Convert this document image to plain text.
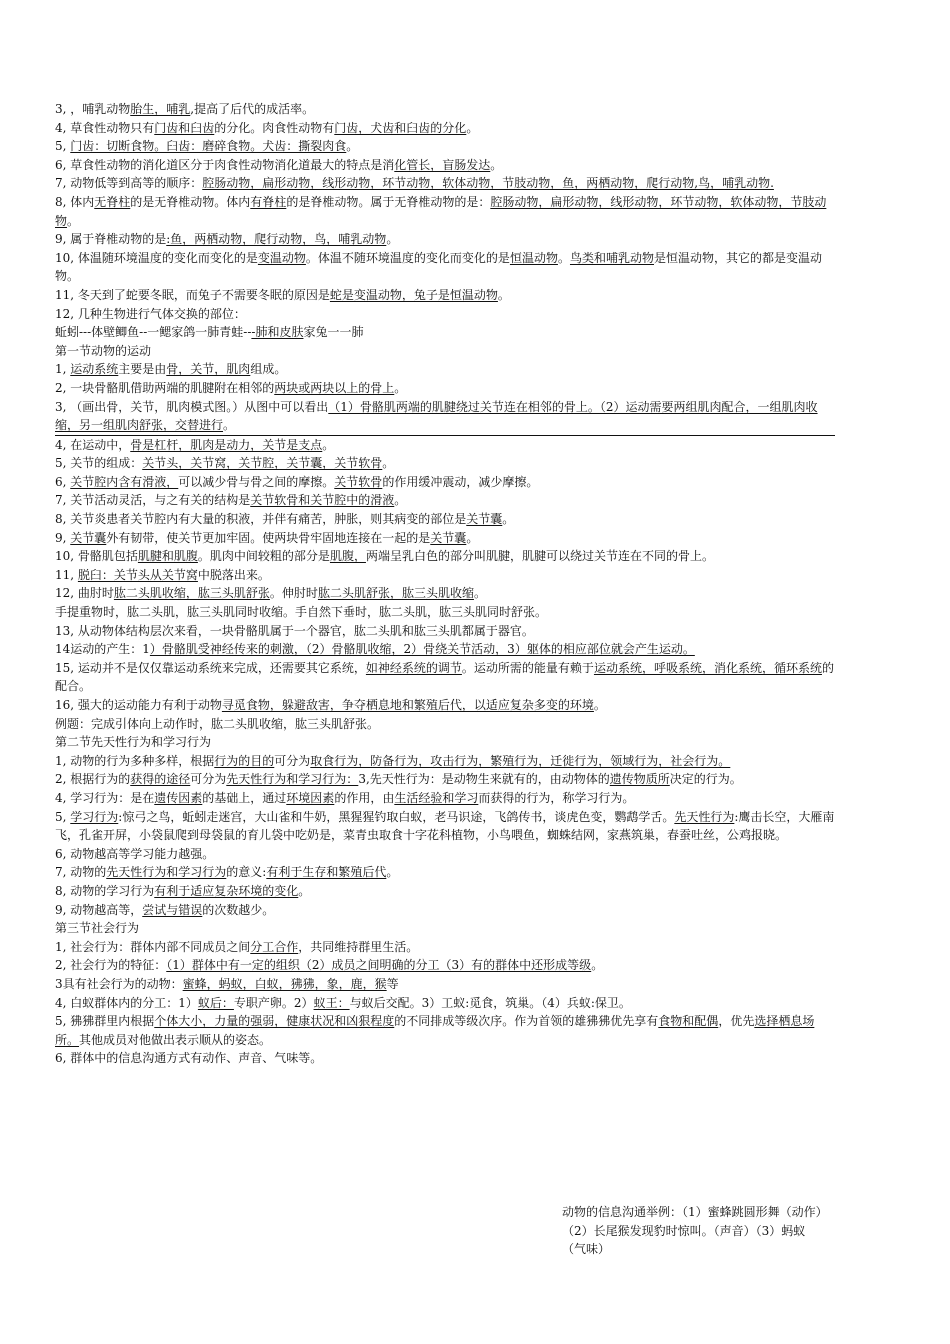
3, ，哺乳动物胎生，哺乳,提高了后代的成活率。
4, 草食性动物只有门齿和臼齿的分化。肉食性动物有门齿，犬齿和臼齿的分化。
5, 门齿：切断食物。臼齿：磨碎食物。犬齿：撕裂肉食。
6, 草食性动物的消化道区分于肉食性动物消化道最大的特点是消化管长，盲肠发达。
7, 动物低等到高等的顺序：腔肠动物，扁形动物，线形动物，环节动物，软体动物，节肢动物，鱼，两栖动物，爬行动物,鸟，哺乳动物.
8, 体内无脊柱的是无脊椎动物。体内有脊柱的是脊椎动物。属于无脊椎动物的是：腔肠动物，扁形动物，线形动物，环节动物，软体动物，节肢动物。
9, 属于脊椎动物的是:鱼，两栖动物，爬行动物，鸟，哺乳动物。
10, 体温随环境温度的变化而变化的是变温动物。体温不随环境温度的变化而变化的是恒温动物。鸟类和哺乳动物是恒温动物，其它的都是变温动物。
11, 冬天到了蛇要冬眠，而兔子不需要冬眠的原因是蛇是变温动物，兔子是恒温动物。
12, 几种生物进行气体交换的部位：
蚯蚓---体壁鲫鱼--一鳃家鸽一肺青蛙---肺和皮肤家兔一一肺
第一节动物的运动
1, 运动系统主要是由骨，关节，肌肉组成。
2, 一块骨骼肌借助两端的肌腱附在相邻的两块或两块以上的骨上。
3, （画出骨，关节，肌肉模式图。）从图中可以看出（1）骨骼肌两端的肌腱绕过关节连在相邻的骨上。（2）运动需要两组肌肉配合，一组肌肉收缩，另一组肌肉舒张，交替进行。
4, 在运动中，骨是杠杆，肌肉是动力，关节是支点。
5, 关节的组成：关节头，关节窝，关节腔，关节囊，关节软骨。
6, 关节腔内含有滑液，可以减少骨与骨之间的摩擦。关节软骨的作用缓冲震动，减少摩擦。
7, 关节活动灵活，与之有关的结构是关节软骨和关节腔中的滑液。
8, 关节炎患者关节腔内有大量的积液，并伴有痛苦，肿胀，则其病变的部位是关节囊。
9, 关节囊外有韧带，使关节更加牢固。使两块骨牢固地连接在一起的是关节囊。
10, 骨骼肌包括肌腱和肌腹。肌肉中间较粗的部分是肌腹，两端呈乳白色的部分叫肌腱，肌腱可以绕过关节连在不同的骨上。
11, 脱臼：关节头从关节窝中脱落出来。
12, 曲肘时肱二头肌收缩，肱三头肌舒张。伸肘时肱二头肌舒张，肱三头肌收缩。
手提重物时，肱二头肌，肱三头肌同时收缩。手自然下垂时，肱二头肌，肱三头肌同时舒张。
13, 从动物体结构层次来看，一块骨骼肌属于一个器官，肱二头肌和肱三头肌都属于器官。
14运动的产生：1）骨骼肌受神经传来的刺激，（2）骨骼肌收缩，2）骨绕关节活动，3）躯体的相应部位就会产生运动。
15, 运动并不是仅仅靠运动系统来完成，还需要其它系统，如神经系统的调节。运动所需的能量有赖于运动系统，呼吸系统，消化系统，循环系统的配合。
16, 强大的运动能力有利于动物寻觅食物，躲避敌害，争夺栖息地和繁殖后代，以适应复杂多变的环境。
例题：完成引体向上动作时，肱二头肌收缩，肱三头肌舒张。
第二节先天性行为和学习行为
1, 动物的行为多种多样，根据行为的目的可分为取食行为，防备行为，攻击行为，繁殖行为，迁徙行为，领域行为，社会行为。
2, 根据行为的获得的途径可分为先天性行为和学习行为：3,先天性行为：是动物生来就有的，由动物体的遗传物质所决定的行为。
4, 学习行为：是在遗传因素的基础上，通过环境因素的作用，由生活经验和学习而获得的行为，称学习行为。
5, 学习行为:惊弓之鸟，蚯蚓走迷宫，大山雀和牛奶，黑猩猩钓取白蚁，老马识途，飞鸽传书，谈虎色变，鹦鹉学舌。先天性行为:鹰击长空，大雁南飞，孔雀开屏，小袋鼠爬到母袋鼠的育儿袋中吃奶是，菜青虫取食十字花科植物，小鸟喂鱼，蜘蛛结网，家燕筑巢，春蚕吐丝，公鸡报晓。
6, 动物越高等学习能力越强。
7, 动物的先天性行为和学习行为的意义:有利于生存和繁殖后代。
8, 动物的学习行为有利于适应复杂环境的变化。
9, 动物越高等，尝试与错误的次数越少。
第三节社会行为
1, 社会行为：群体内部不同成员之间分工合作，共同维持群里生活。
2, 社会行为的特征：（1）群体中有一定的组织（2）成员之间明确的分工（3）有的群体中还形成等级。
3具有社会行为的动物：蜜蜂，蚂蚁，白蚁，狒狒，象，鹿，猴等
4, 白蚁群体内的分工：1）蚁后：专职产卵。2）蚁王：与蚁后交配。3）工蚁:觅食，筑巢。（4）兵蚁:保卫。
5, 狒狒群里内根据个体大小，力量的强弱，健康状况和凶狠程度的不同排成等级次序。作为首领的雄狒狒优先享有食物和配偶，优先选择栖息场所。其他成员对他做出表示顺从的姿态。
6, 群体中的信息沟通方式有动作、声音、气味等。
动物的信息沟通举例：（1）蜜蜂跳圆形舞（动作）（2）长尾猴发现豹时惊叫。（声音）（3）蚂蚁（气味）
